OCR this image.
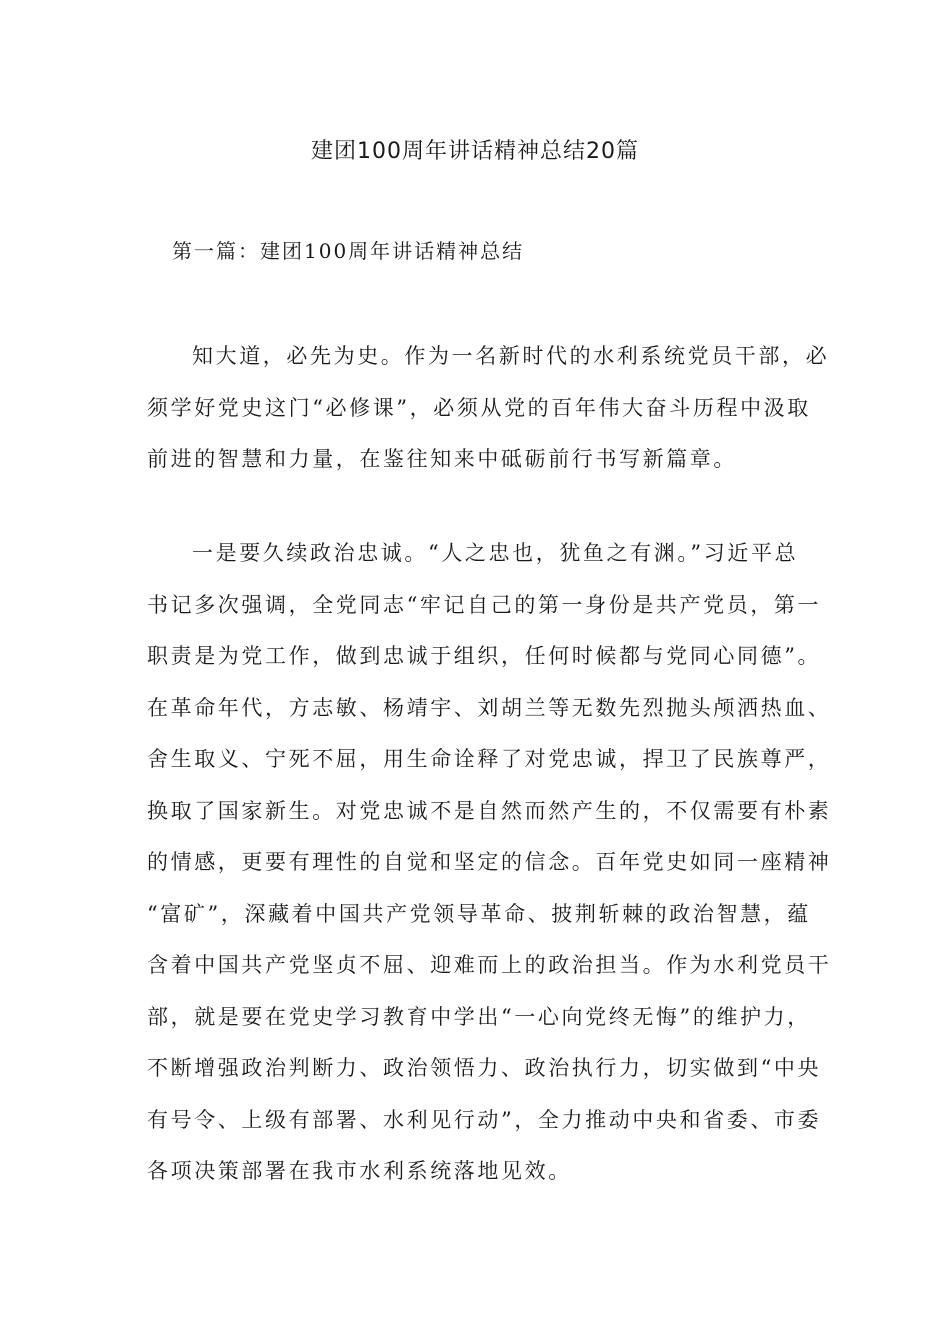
建团100周年讲话精神总结20篇
第一篇：建团100周年讲话精神总结

知大道，必先为史。作为一名新时代的水利系统党员干部，必
须学好党史这门“必修课”，必须从党的百年伟大奋斗历程中汲取
前进的智慧和力量，在鉴往知来中砥砺前行书写新篇章。

一是要久续政治忠诚。“人之忠也，犹鱼之有渊。”习近平总
书记多次强调，全党同志“牢记自己的第一身份是共产党员，第一
职责是为党工作，做到忠诚于组织，任何时候都与党同心同德”。
在革命年代，方志敏、杨靖宇、刘胡兰等无数先烈抛头颅洒热血、
舍生取义、宁死不屈，用生命诠释了对党忠诚，捍卫了民族尊严，
换取了国家新生。对党忠诚不是自然而然产生的，不仅需要有朴素
的情感，更要有理性的自觉和坚定的信念。百年党史如同一座精神
“富矿”，深藏着中国共产党领导革命、披荆斩棘的政治智慧，蕴
含着中国共产党坚贞不屈、迎难而上的政治担当。作为水利党员干
部，就是要在党史学习教育中学出“一心向党终无悔”的维护力，
不断增强政治判断力、政治领悟力、政治执行力，切实做到“中央
有号令、上级有部署、水利见行动”，全力推动中央和省委、市委
各项决策部署在我市水利系统落地见效。
